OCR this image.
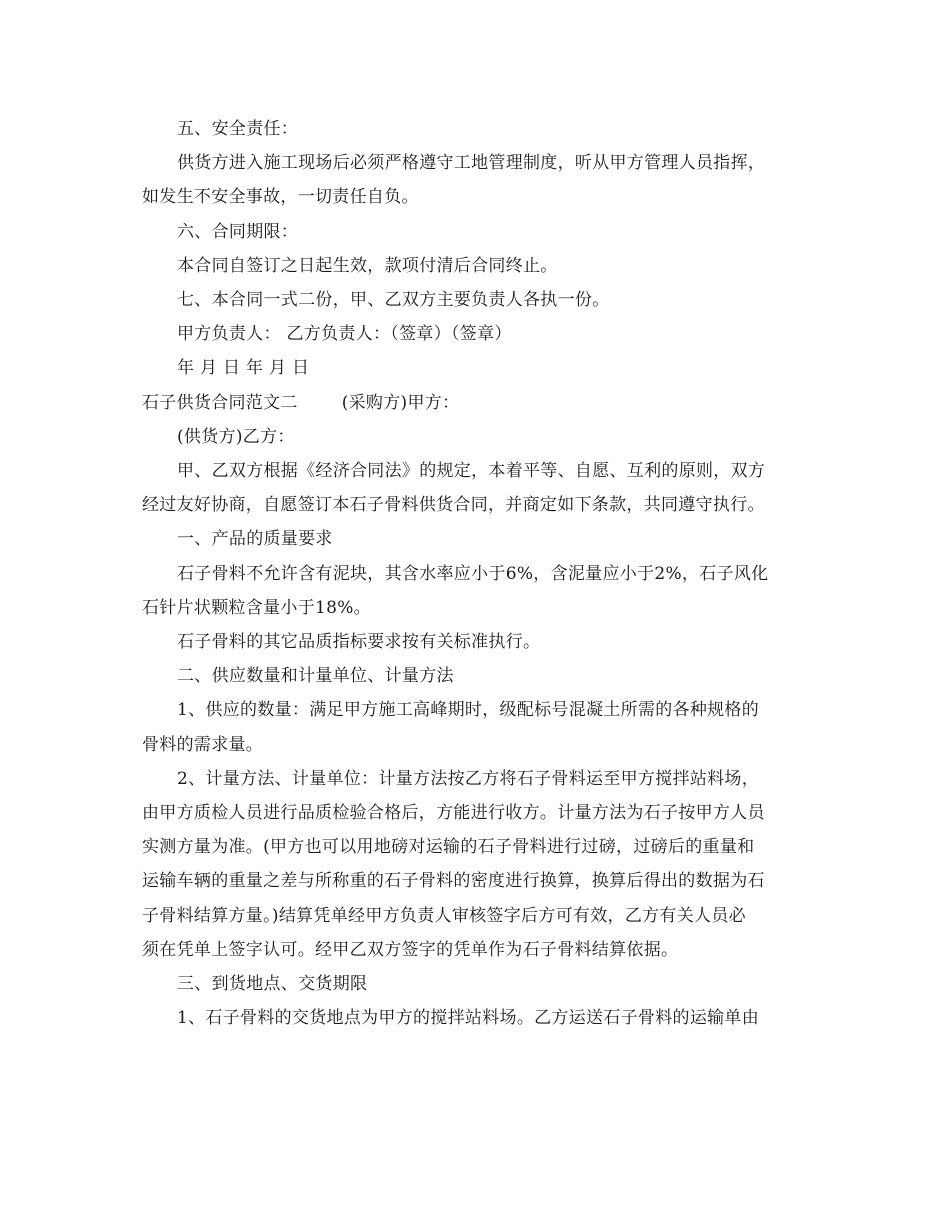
五、安全责任：

供货方进入施工现场后必须严格遵守工地管理制度，听从甲方管理人员指挥，

如发生不安全事故，一切责任自负。

六、合同期限：

本合同自签订之日起生效，款项付清后合同终止。

七、本合同一式二份，甲、乙双方主要负责人各执一份。

甲方负责人： 乙方负责人：（签章）（签章）

年 月 日 年 月 日

石子供货合同范文二	(采购方)甲方：

(供货方)乙方：

甲、乙双方根据《经济合同法》的规定，本着平等、自愿、互利的原则，双方

经过友好协商，自愿签订本石子骨料供货合同，并商定如下条款，共同遵守执行。

一、产品的质量要求

石子骨料不允许含有泥块，其含水率应小于6%，含泥量应小于2%，石子风化

石针片状颗粒含量小于18%。

石子骨料的其它品质指标要求按有关标准执行。

二、供应数量和计量单位、计量方法

1、供应的数量：满足甲方施工高峰期时，级配标号混凝土所需的各种规格的

骨料的需求量。

2、计量方法、计量单位：计量方法按乙方将石子骨料运至甲方搅拌站料场，

由甲方质检人员进行品质检验合格后，方能进行收方。计量方法为石子按甲方人员

实测方量为准。(甲方也可以用地磅对运输的石子骨料进行过磅，过磅后的重量和

运输车辆的重量之差与所称重的石子骨料的密度进行换算，换算后得出的数据为石

子骨料结算方量。)结算凭单经甲方负责人审核签字后方可有效，乙方有关人员必

须在凭单上签字认可。经甲乙双方签字的凭单作为石子骨料结算依据。

三、到货地点、交货期限

1、石子骨料的交货地点为甲方的搅拌站料场。乙方运送石子骨料的运输单由
